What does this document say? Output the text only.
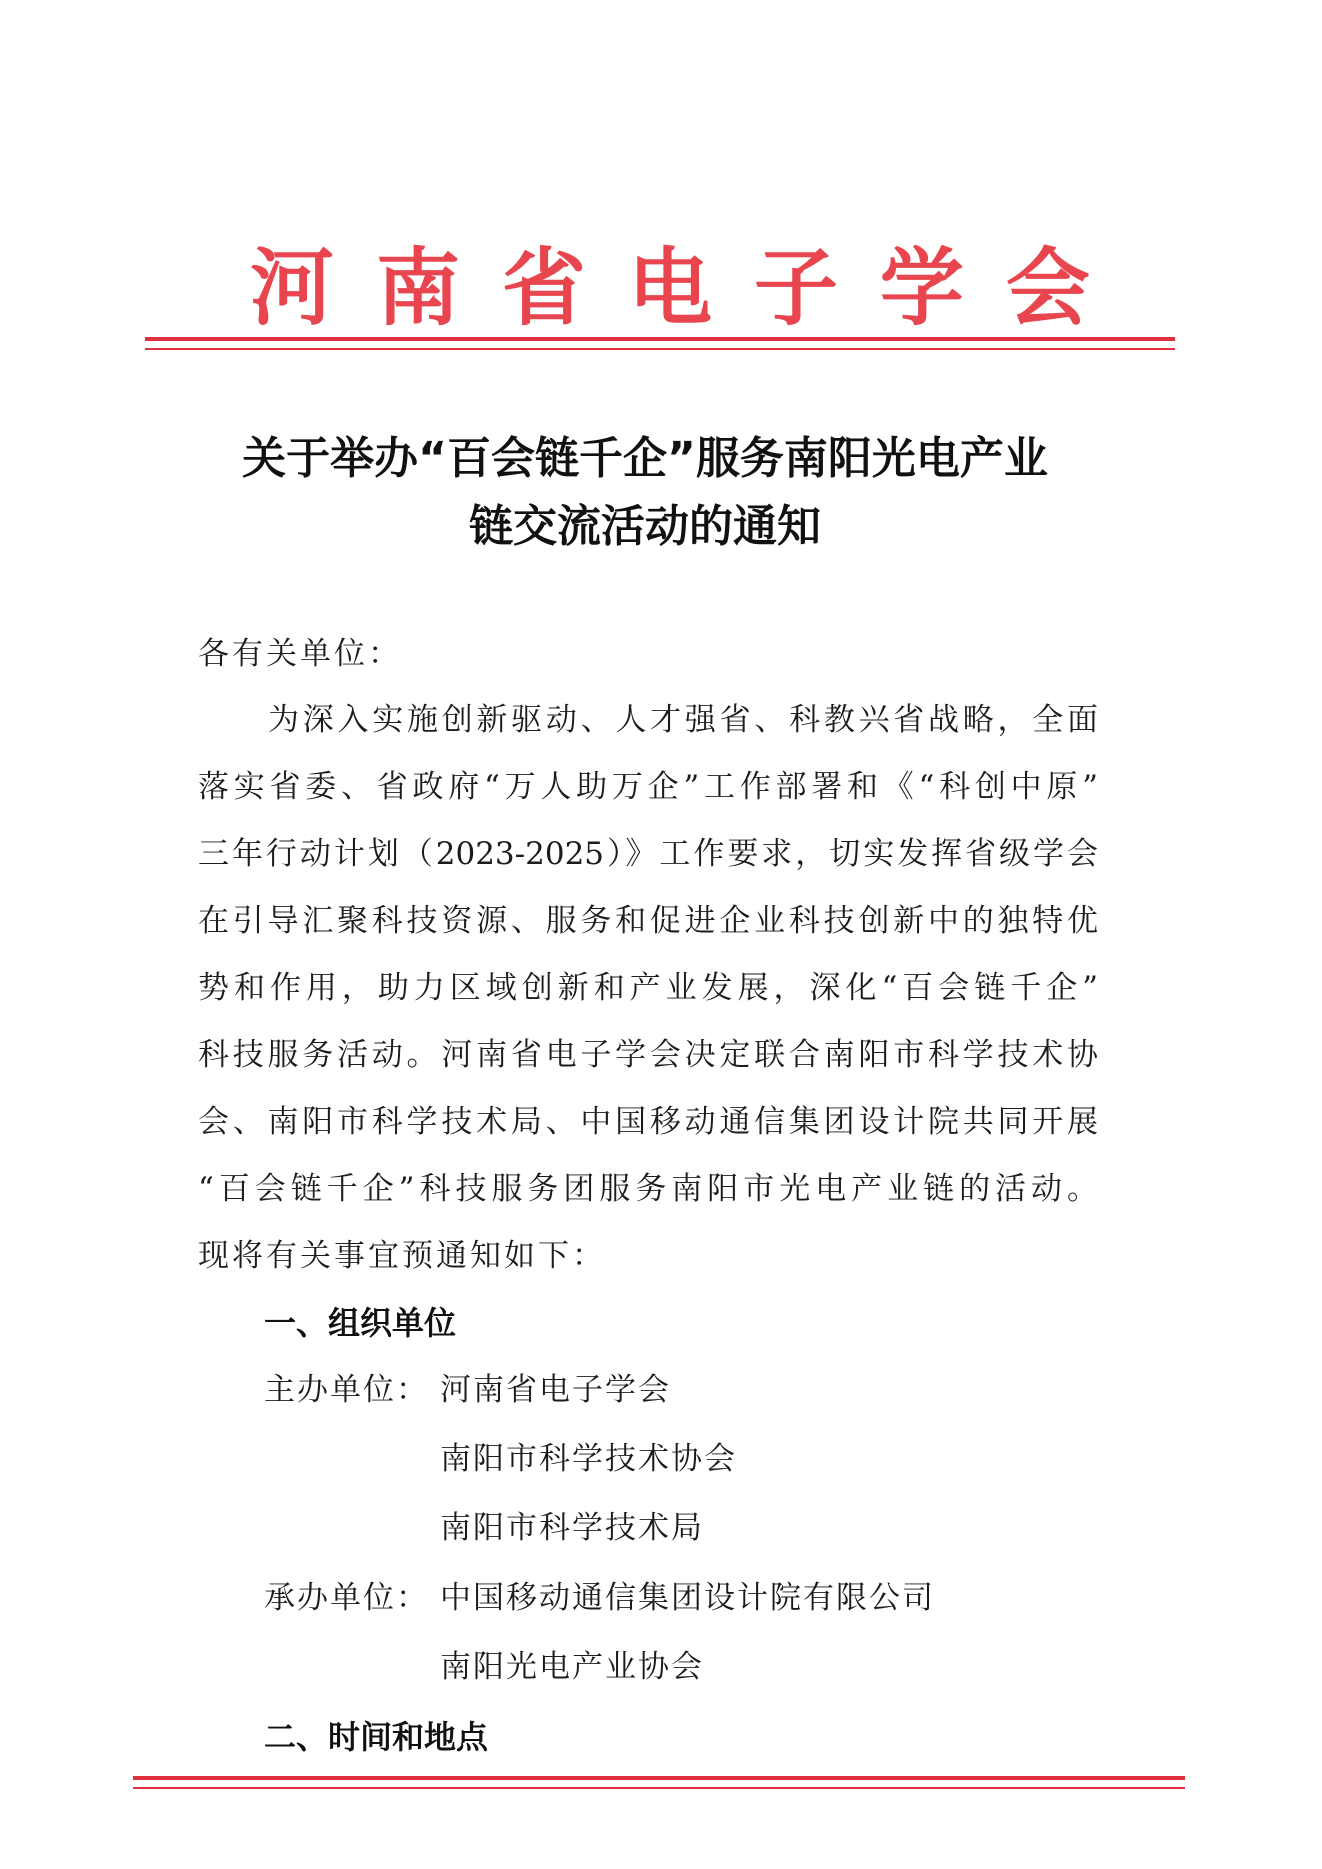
河 南 省 电 子 学 会
关于举办“百会链千企”服务南阳光电产业
链交流活动的通知
各有关单位：
为深入实施创新驱动、人才强省、科教兴省战略，全面
落实省委、省政府“万人助万企”工作部署和《“科创中原”
三年行动计划（2023-2025）》工作要求，切实发挥省级学会
在引导汇聚科技资源、服务和促进企业科技创新中的独特优
势和作用，助力区域创新和产业发展，深化“百会链千企”
科技服务活动。河南省电子学会决定联合南阳市科学技术协
会、南阳市科学技术局、中国移动通信集团设计院共同开展
“百会链千企”科技服务团服务南阳市光电产业链的活动。
现将有关事宜预通知如下：
一、组织单位
主办单位： 河南省电子学会
南阳市科学技术协会
南阳市科学技术局
承办单位： 中国移动通信集团设计院有限公司
南阳光电产业协会
二、时间和地点
